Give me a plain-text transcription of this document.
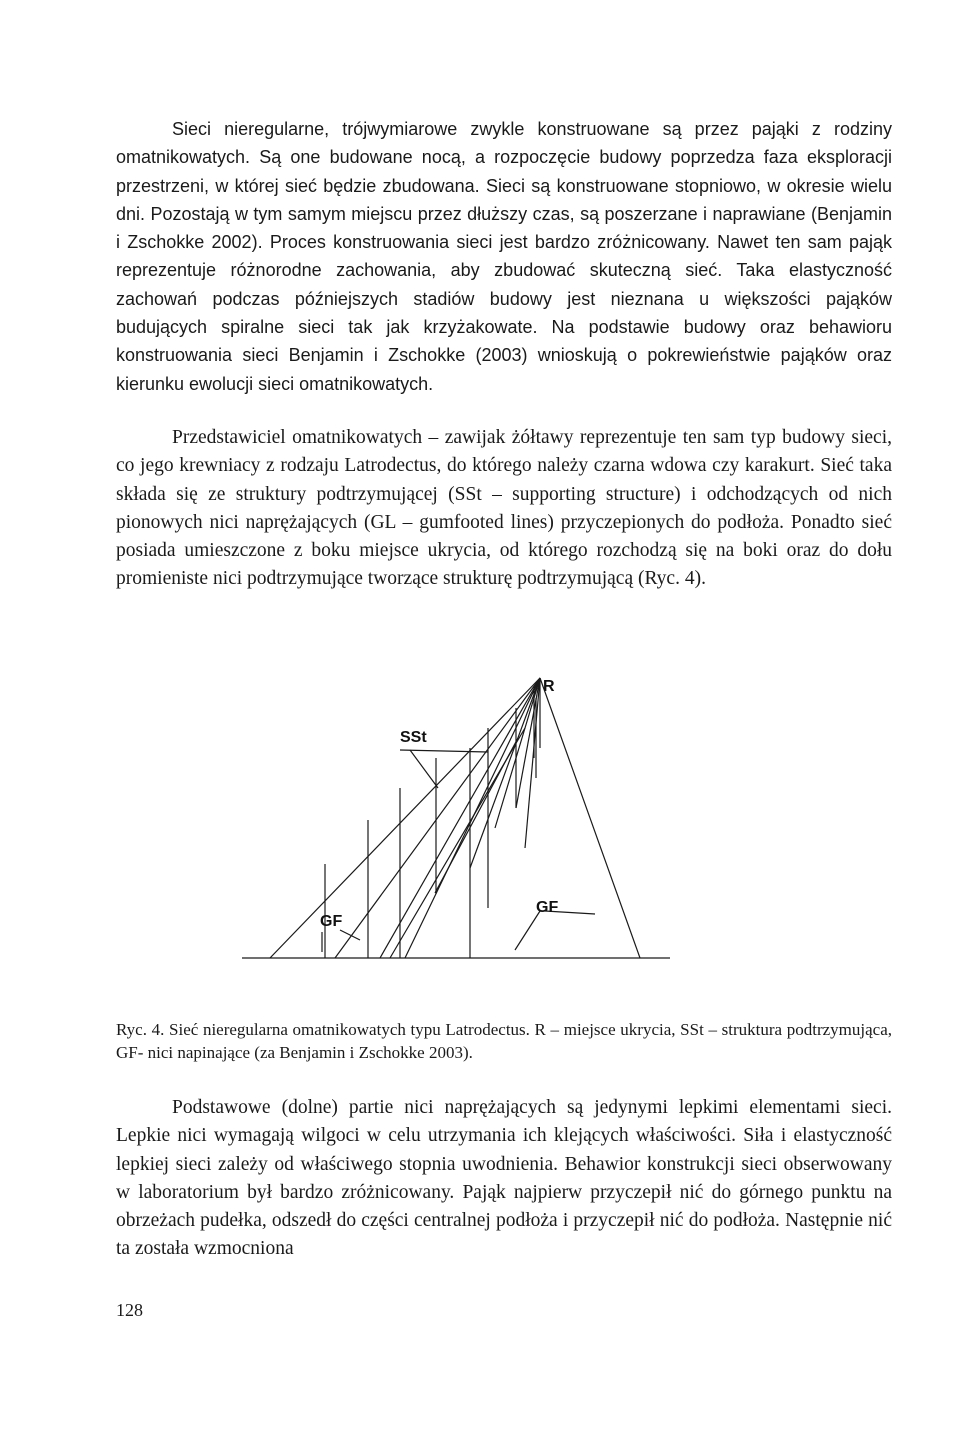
Sieci nieregularne, trójwymiarowe zwykle konstruowane są przez pająki z rodziny omatnikowatych. Są one budowane nocą, a rozpoczęcie budowy poprzedza faza eksploracji przestrzeni, w której sieć będzie zbudowana. Sieci są konstruowane stopniowo, w okresie wielu dni. Pozostają w tym samym miejscu przez dłuższy czas, są poszerzane i naprawiane (Benjamin i Zschokke 2002). Proces konstruowania sieci jest bardzo zróżnicowany. Nawet ten sam pająk reprezentuje różnorodne zachowania, aby zbudować skuteczną sieć. Taka elastyczność zachowań podczas późniejszych stadiów budowy jest nieznana u większości pająków budujących spiralne sieci tak jak krzyżakowate. Na podstawie budowy oraz behawioru konstruowania sieci Benjamin i Zschokke (2003) wnioskują o pokrewieństwie pająków oraz kierunku ewolucji sieci omatnikowatych.

Przedstawiciel omatnikowatych – zawijak żółtawy reprezentuje ten sam typ budowy sieci, co jego krewniacy z rodzaju Latrodectus, do którego należy czarna wdowa czy karakurt. Sieć taka składa się ze struktury podtrzymującej (SSt – supporting structure) i odchodzących od nich pionowych nici naprężających (GL – gumfooted lines) przyczepionych do podłoża. Ponadto sieć posiada umieszczone z boku miejsce ukrycia, od którego rozchodzą się na boki oraz do dołu promieniste nici podtrzymujące tworzące strukturę podtrzymującą (Ryc. 4).

R
SSt
GF
GF

Ryc. 4. Sieć nieregularna omatnikowatych typu Latrodectus. R – miejsce ukrycia, SSt – struktura podtrzymująca, GF- nici napinające (za Benjamin i Zschokke 2003).

Podstawowe (dolne) partie nici naprężających są jedynymi lepkimi elementami sieci. Lepkie nici wymagają wilgoci w celu utrzymania ich klejących właściwości. Siła i elastyczność lepkiej sieci zależy od właściwego stopnia uwodnienia. Behawior konstrukcji sieci obserwowany w laboratorium był bardzo zróżnicowany. Pająk najpierw przyczepił nić do górnego punktu na obrzeżach pudełka, odszedł do części centralnej podłoża i przyczepił nić do podłoża. Następnie nić ta została wzmocniona

128
